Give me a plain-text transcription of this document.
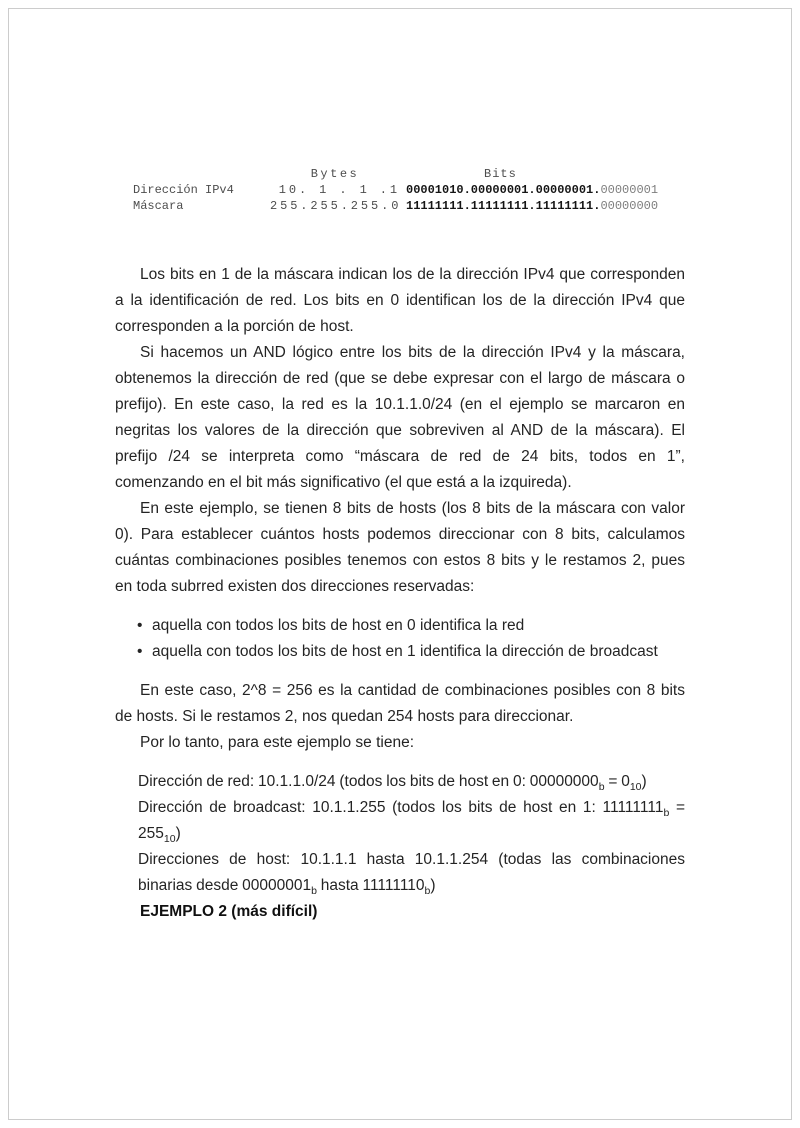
Bytes	Bits
Dirección IPv4	10. 1 . 1 .1 00001010.00000001.00000001.00000001
Máscara	255.255.255.0 11111111.11111111.11111111.00000000

Los bits en 1 de la máscara indican los de la dirección IPv4 que corresponden a la identificación de red. Los bits en 0 identifican los de la dirección IPv4 que corresponden a la porción de host.

Si hacemos un AND lógico entre los bits de la dirección IPv4 y la máscara, obtenemos la dirección de red (que se debe expresar con el largo de máscara o prefijo). En este caso, la red es la 10.1.1.0/24 (en el ejemplo se marcaron en negritas los valores de la dirección que sobreviven al AND de la máscara). El prefijo /24 se interpreta como “máscara de red de 24 bits, todos en 1”, comenzando en el bit más significativo (el que está a la izquireda).

En este ejemplo, se tienen 8 bits de hosts (los 8 bits de la máscara con valor 0). Para establecer cuántos hosts podemos direccionar con 8 bits, calculamos cuántas combinaciones posibles tenemos con estos 8 bits y le restamos 2, pues en toda subrred existen dos direcciones reservadas:

• aquella con todos los bits de host en 0 identifica la red
• aquella con todos los bits de host en 1 identifica la dirección de broadcast

En este caso, 2^8 = 256 es la cantidad de combinaciones posibles con 8 bits de hosts. Si le restamos 2, nos quedan 254 hosts para direccionar.

Por lo tanto, para este ejemplo se tiene:

Dirección de red: 10.1.1.0/24 (todos los bits de host en 0: $00000000_b = 0_{10}$)

Dirección de broadcast: 10.1.1.255 (todos los bits de host en 1: $11111111_b = 255_{10}$)

Direcciones de host: 10.1.1.1 hasta 10.1.1.254 (todas las combinaciones binarias desde $00000001_b$ hasta $11111110_b$)

EJEMPLO 2 (más difícil)
